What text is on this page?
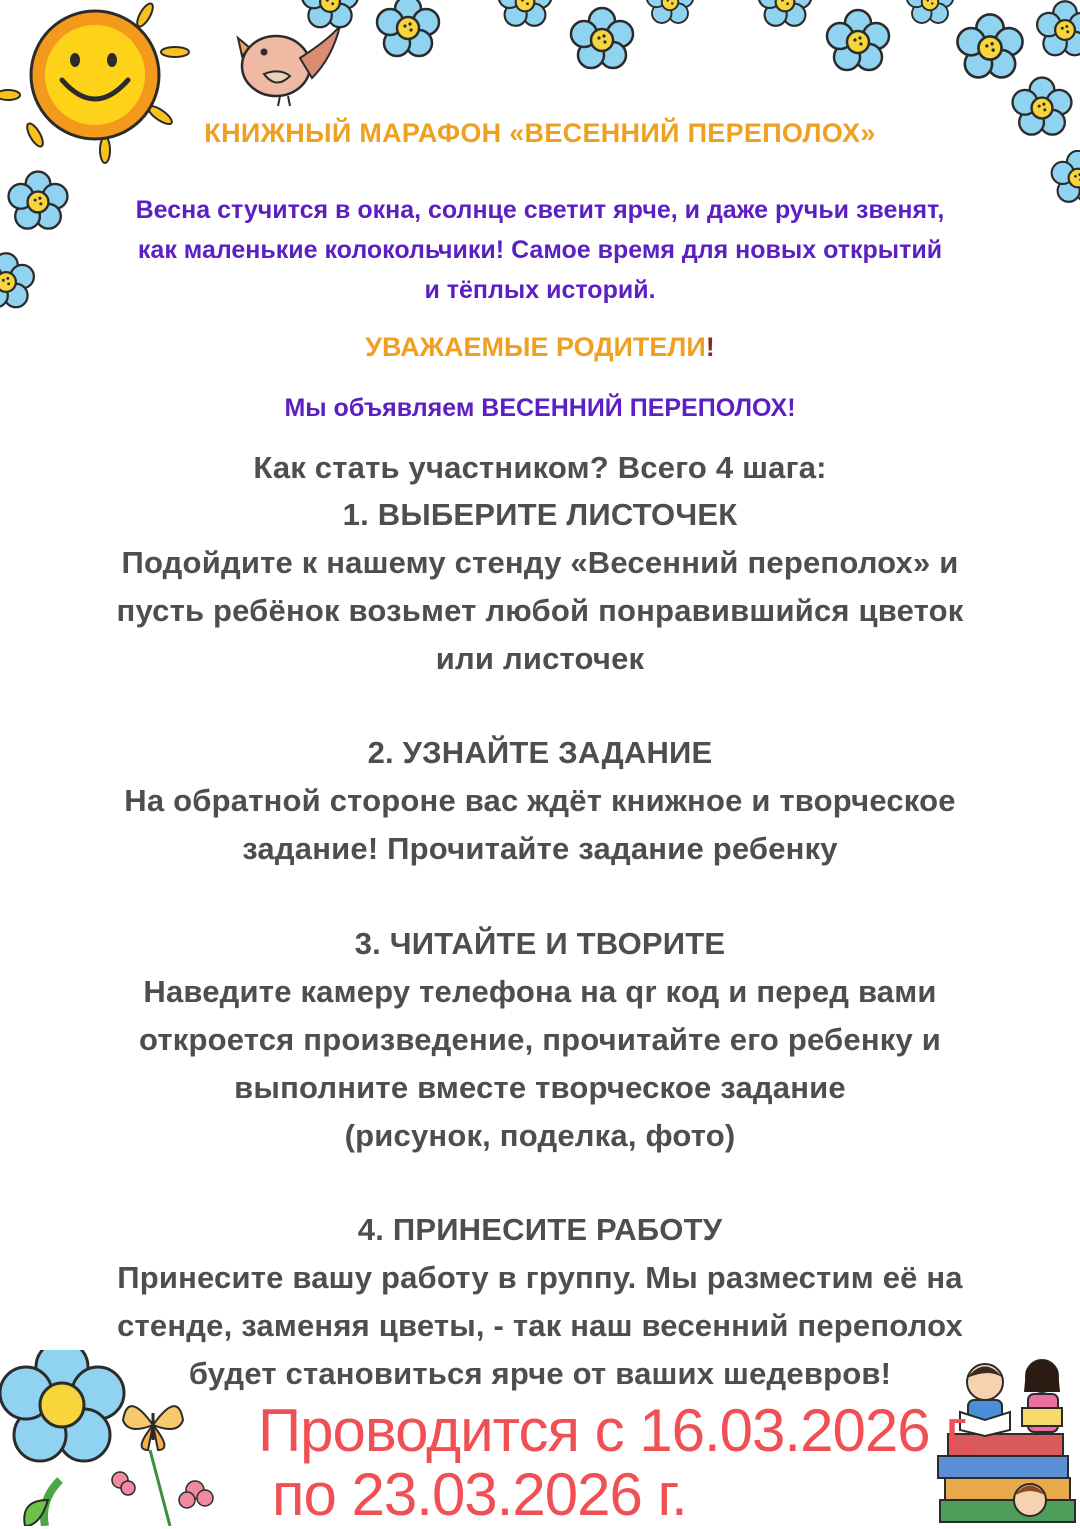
КНИЖНЫЙ МАРАФОН «ВЕСЕННИЙ ПЕРЕПОЛОХ»
Весна стучится в окна, солнце светит ярче, и даже ручьи звенят,
как маленькие колокольчики! Самое время для новых открытий
и тёплых историй.
УВАЖАЕМЫЕ РОДИТЕЛИ!
Мы объявляем ВЕСЕННИЙ ПЕРЕПОЛОХ!
Как стать участником? Всего 4 шага:
1. ВЫБЕРИТЕ ЛИСТОЧЕК
Подойдите к нашему стенду «Весенний переполох» и
пусть ребёнок возьмет любой понравившийся цветок
или листочек
2. УЗНАЙТЕ ЗАДАНИЕ
На обратной стороне вас ждёт книжное и творческое
задание! Прочитайте задание ребенку
3. ЧИТАЙТЕ И ТВОРИТЕ
Наведите камеру телефона на qr код и перед вами
откроется произведение, прочитайте его ребенку и
выполните вместе творческое задание
(рисунок, поделка, фото)
4. ПРИНЕСИТЕ РАБОТУ
Принесите вашу работу в группу. Мы разместим её на
стенде, заменяя цветы, - так наш весенний переполох
будет становиться ярче от ваших шедевров!
Проводится с 16.03.2026 г.
по 23.03.2026 г.
